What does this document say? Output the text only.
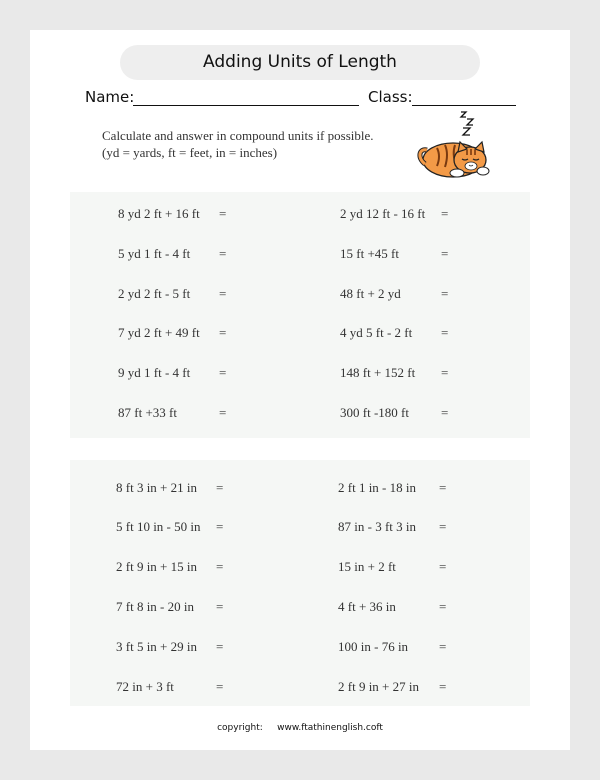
Adding Units of Length
Name:	Class:
Calculate and answer in compound units if possible.
(yd = yards, ft = feet, in = inches)
8 yd 2 ft + 16 ft =	2 yd 12 ft - 16 ft =
5 yd 1 ft - 4 ft =	15 ft +45 ft	=
2 yd 2 ft - 5 ft =	48 ft + 2 yd	=
7 yd 2 ft + 49 ft =	4 yd 5 ft - 2 ft =
9 yd 1 ft - 4 ft =	148 ft + 152 ft =
87 ft +33 ft	=	300 ft -180 ft =
8 ft 3 in + 21 in =	2 ft 1 in - 18 in =
5 ft 10 in - 50 in =	87 in - 3 ft 3 in =
2 ft 9 in + 15 in =	15 in + 2 ft	=
7 ft 8 in - 20 in =	4 ft + 36 in	=
3 ft 5 in + 29 in =	100 in - 76 in =
72 in + 3 ft	=	2 ft 9 in + 27 in =
copyright: www.ftathinenglish.coft
